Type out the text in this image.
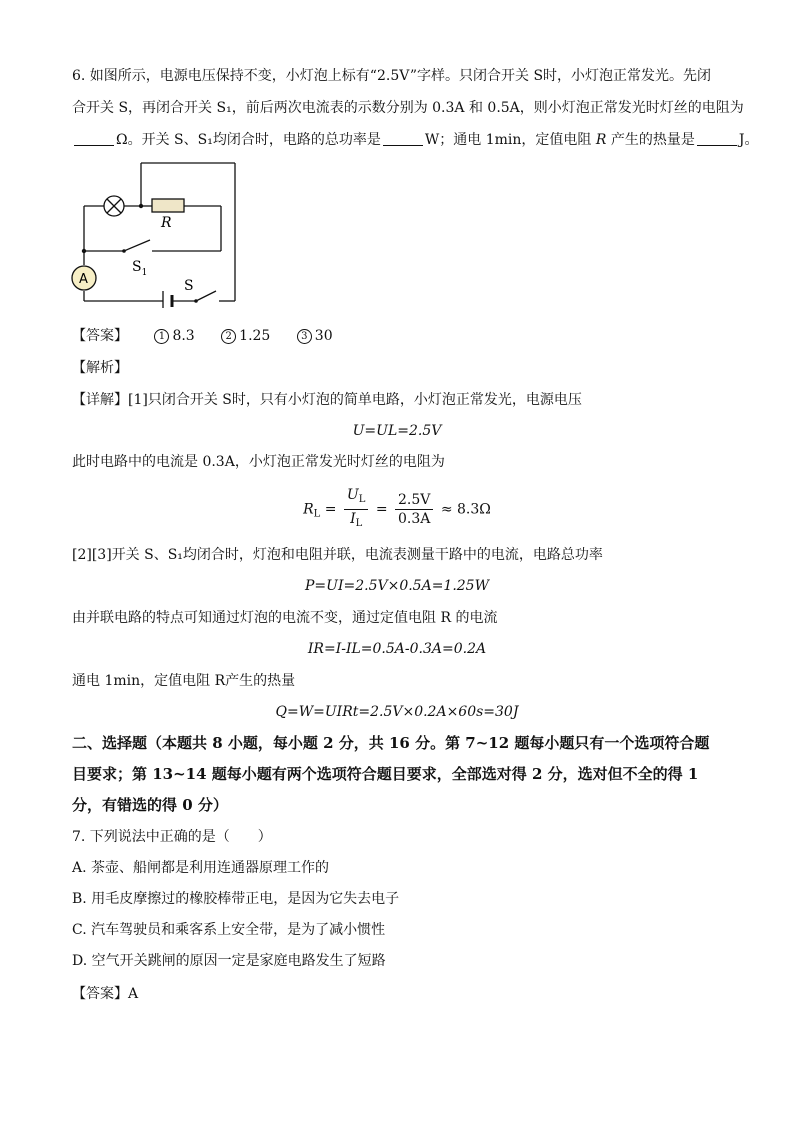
6. 如图所示，电源电压保持不变，小灯泡上标有“2.5V”字样。只闭合开关 S时，小灯泡正常发光。先闭
合开关 S，再闭合开关 S₁，前后两次电流表的示数分别为 0.3A 和 0.5A，则小灯泡正常发光时灯丝的电阻为
Ω。开关 S、S₁均闭合时，电路的总功率是	W；通电 1min，定值电阻 R 产生的热量是	J。
R
$S_1$
A	S
【答案】	1 8.3	2 1.25	3 30
【解析】
【详解】[1]只闭合开关 S时，只有小灯泡的简单电路，小灯泡正常发光，电源电压
U=UL=2.5V
此时电路中的电流是 0.3A，小灯泡正常发光时灯丝的电阻为
$R_L = \frac{U_L}{I_L} = \frac{2.5V}{0.3A} \approx 8.3\Omega$
[2][3]开关 S、S₁均闭合时，灯泡和电阻并联，电流表测量干路中的电流，电路总功率
P=UI=2.5V×0.5A=1.25W
由并联电路的特点可知通过灯泡的电流不变，通过定值电阻 R 的电流
IR=I-IL=0.5A-0.3A=0.2A
通电 1min，定值电阻 R产生的热量
Q=W=UIRt=2.5V×0.2A×60s=30J
二、选择题（本题共 8 小题，每小题 2 分，共 16 分。第 7~12 题每小题只有一个选项符合题
目要求；第 13~14 题每小题有两个选项符合题目要求，全部选对得 2 分，选对但不全的得 1
分，有错选的得 0 分）
7. 下列说法中正确的是（　　）
A. 茶壶、船闸都是利用连通器原理工作的
B. 用毛皮摩擦过的橡胶棒带正电，是因为它失去电子
C. 汽车驾驶员和乘客系上安全带，是为了减小惯性
D. 空气开关跳闸的原因一定是家庭电路发生了短路
【答案】A
